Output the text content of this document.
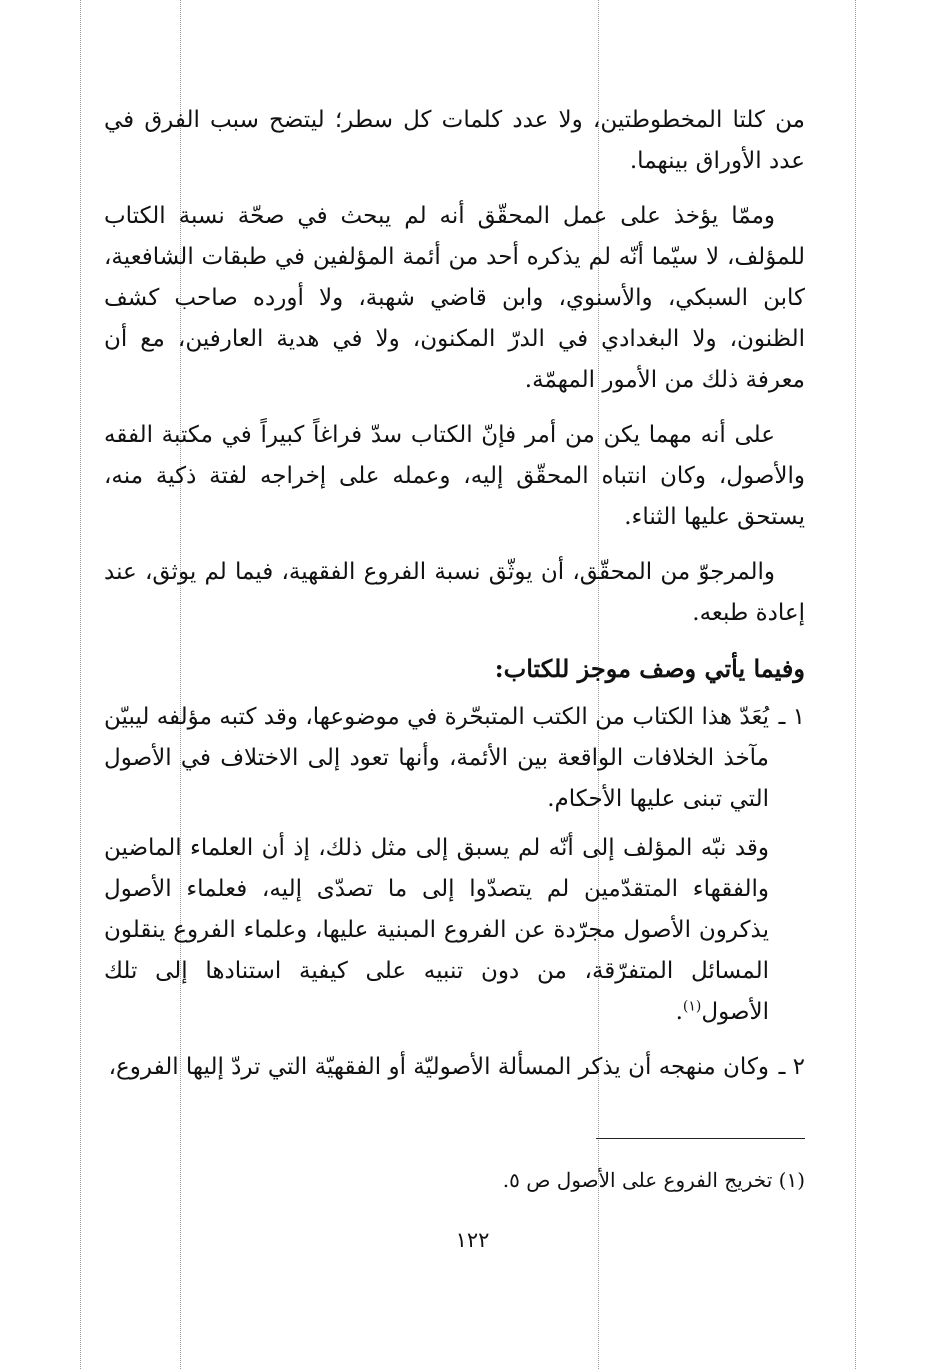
من كلتا المخطوطتين، ولا عدد كلمات كل سطر؛ ليتضح سبب الفرق في عدد الأوراق بينهما.

وممّا يؤخذ على عمل المحقّق أنه لم يبحث في صحّة نسبة الكتاب للمؤلف، لا سيّما أنّه لم يذكره أحد من أئمة المؤلفين في طبقات الشافعية، كابن السبكي، والأسنوي، وابن قاضي شهبة، ولا أورده صاحب كشف الظنون، ولا البغدادي في الدرّ المكنون، ولا في هدية العارفين، مع أن معرفة ذلك من الأمور المهمّة.

على أنه مهما يكن من أمر فإنّ الكتاب سدّ فراغاً كبيراً في مكتبة الفقه والأصول، وكان انتباه المحقّق إليه، وعمله على إخراجه لفتة ذكية منه، يستحق عليها الثناء.

والمرجوّ من المحقّق، أن يوثّق نسبة الفروع الفقهية، فيما لم يوثق، عند إعادة طبعه.

وفيما يأتي وصف موجز للكتاب:

١ ـ

يُعَدّ هذا الكتاب من الكتب المتبحّرة في موضوعها، وقد كتبه مؤلفه ليبيّن مآخذ الخلافات الواقعة بين الأئمة، وأنها تعود إلى الاختلاف في الأصول التي تبنى عليها الأحكام.

وقد نبّه المؤلف إلى أنّه لم يسبق إلى مثل ذلك، إذ أن العلماء الماضين والفقهاء المتقدّمين لم يتصدّوا إلى ما تصدّى إليه، فعلماء الأصول يذكرون الأصول مجرّدة عن الفروع المبنية عليها، وعلماء الفروع ينقلون المسائل المتفرّقة، من دون تنبيه على كيفية استنادها إلى تلك الأصول$^{(١)}$.

٢ ـ

وكان منهجه أن يذكر المسألة الأصوليّة أو الفقهيّة التي تردّ إليها الفروع،

(١) تخريج الفروع على الأصول ص ٥.
١٢٢
